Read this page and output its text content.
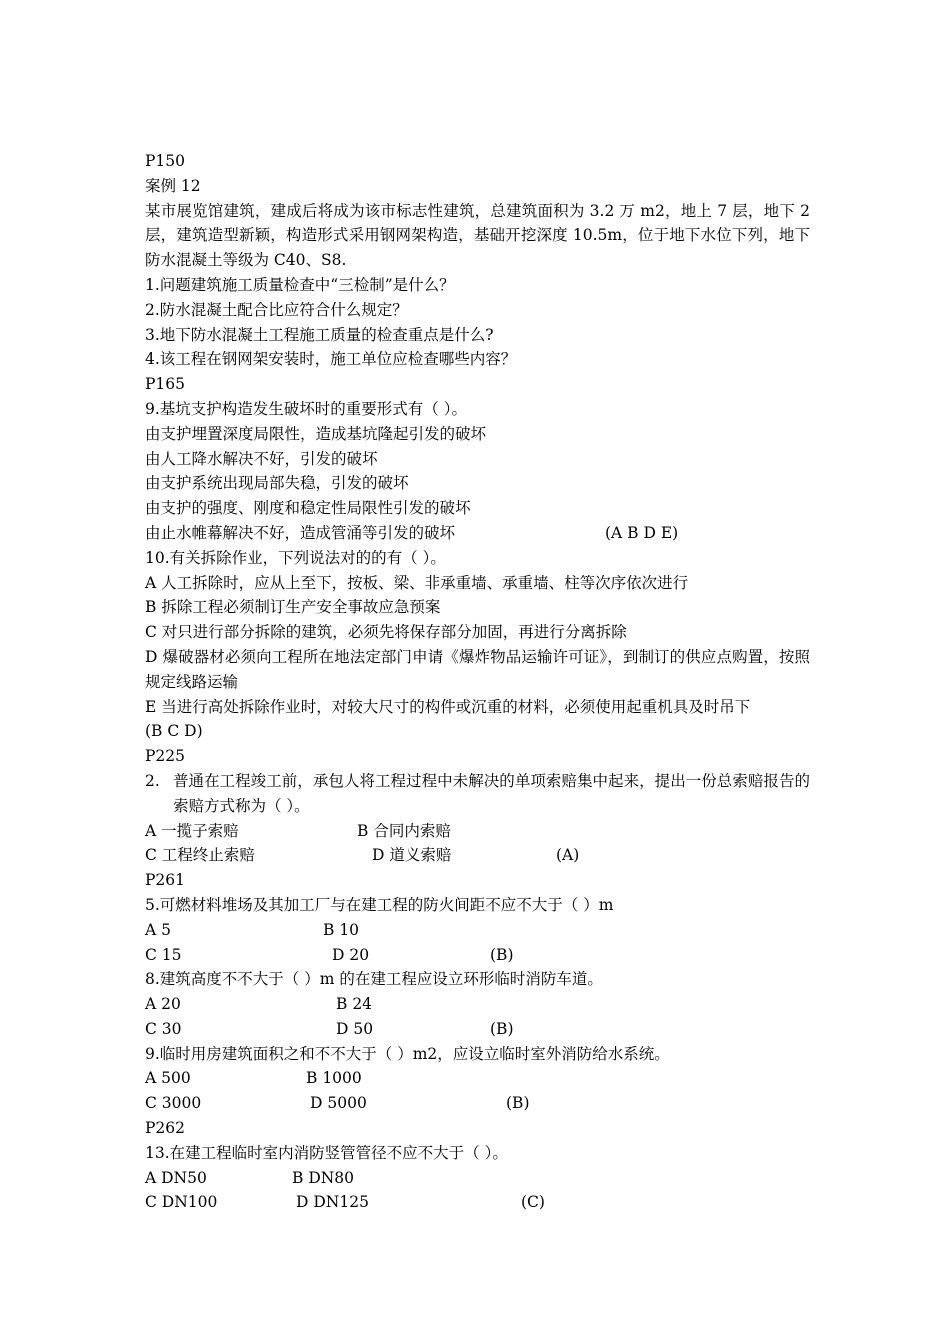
P150
案例 12
某市展览馆建筑，建成后将成为该市标志性建筑，总建筑面积为 3.2 万 m2，地上 7 层，地下 2 层，建筑造型新颖，构造形式采用钢网架构造，基础开挖深度 10.5m，位于地下水位下列，地下防水混凝土等级为 C40、S8.
1.问题建筑施工质量检查中“三检制”是什么？
2.防水混凝土配合比应符合什么规定？
3.地下防水混凝土工程施工质量的检查重点是什么?
4.该工程在钢网架安装时，施工单位应检查哪些内容？
P165
9.基坑支护构造发生破坏时的重要形式有（ ）。
由支护埋置深度局限性，造成基坑隆起引发的破坏
由人工降水解决不好，引发的破坏
由支护系统出现局部失稳，引发的破坏
由支护的强度、刚度和稳定性局限性引发的破坏
由止水帷幕解决不好，造成管涌等引发的破坏	(A B D E)
10.有关拆除作业，下列说法对的的有（ ）。
A 人工拆除时，应从上至下，按板、梁、非承重墙、承重墙、柱等次序依次进行
B 拆除工程必须制订生产安全事故应急预案
C 对只进行部分拆除的建筑，必须先将保存部分加固，再进行分离拆除
D 爆破器材必须向工程所在地法定部门申请《爆炸物品运输许可证》，到制订的供应点购置，按照规定线路运输
E 当进行高处拆除作业时，对较大尺寸的构件或沉重的材料，必须使用起重机具及时吊下
(B C D)
P225
2. 普通在工程竣工前，承包人将工程过程中未解决的单项索赔集中起来，提出一份总索赔报告的索赔方式称为（ ）。
A 一揽子索赔	B 合同内索赔
C 工程终止索赔	D 道义索赔	(A)
P261
5.可燃材料堆场及其加工厂与在建工程的防火间距不应不大于（ ）m
A 5	B 10
C 15	D 20	(B)
8.建筑高度不不大于（ ）m 的在建工程应设立环形临时消防车道。
A 20	B 24
C 30	D 50	(B)
9.临时用房建筑面积之和不不大于（ ）m2，应设立临时室外消防给水系统。
A 500	B 1000
C 3000	D 5000	(B)
P262
13.在建工程临时室内消防竖管管径不应不大于（ ）。
A DN50	B DN80
C DN100	D DN125	(C)
